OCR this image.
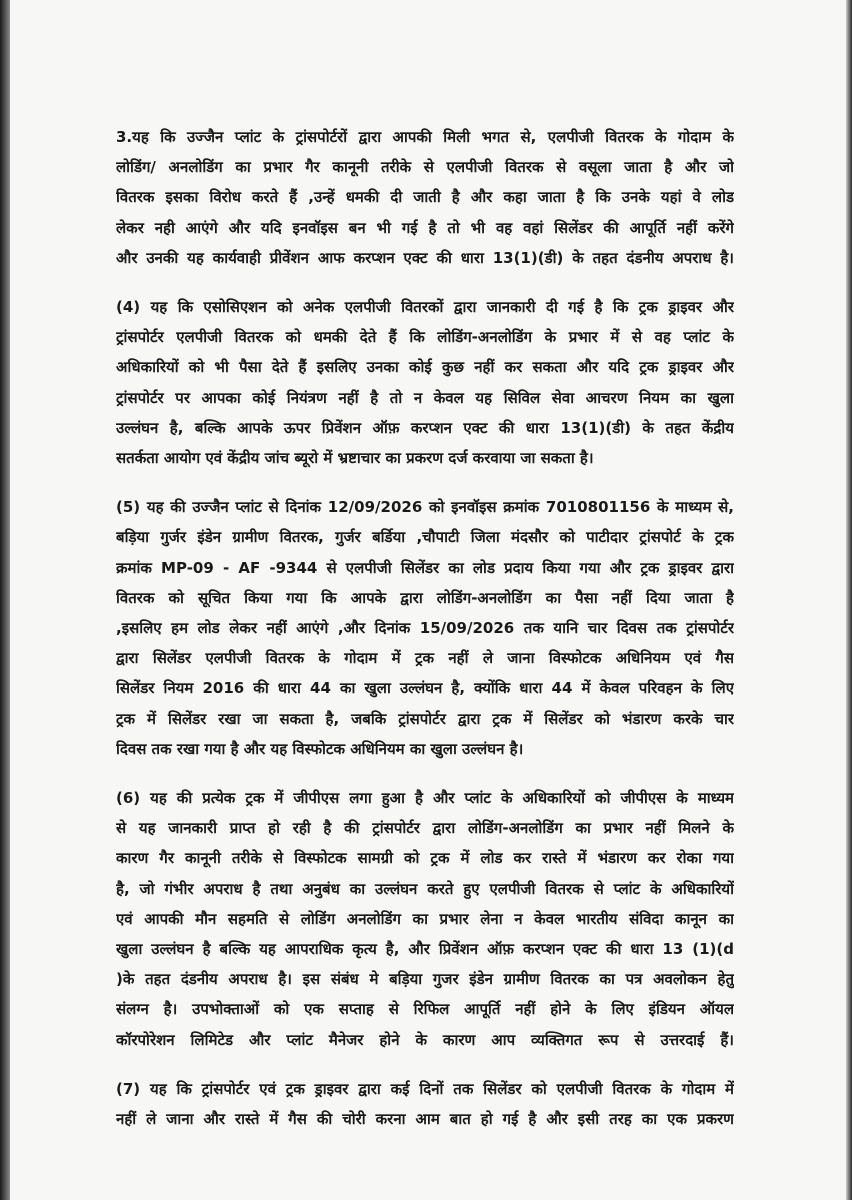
3.यह कि उज्जैन प्लांट के ट्रांसपोर्टरों द्वारा आपकी मिली भगत से, एलपीजी वितरक के गोदाम के
लोडिंग/ अनलोडिंग का प्रभार गैर कानूनी तरीके से एलपीजी वितरक से वसूला जाता है और जो
वितरक इसका विरोध करते हैं ,उन्हें धमकी दी जाती है और कहा जाता है कि उनके यहां वे लोड
लेकर नही आएंगे और यदि इनवॉइस बन भी गई है तो भी वह वहां सिलेंडर की आपूर्ति नहीं करेंगे
और उनकी यह कार्यवाही प्रीवेंशन आफ करप्शन एक्ट की धारा 13(1)(डी) के तहत दंडनीय अपराध है।
(4) यह कि एसोसिएशन को अनेक एलपीजी वितरकों द्वारा जानकारी दी गई है कि ट्रक ड्राइवर और
ट्रांसपोर्टर एलपीजी वितरक को धमकी देते हैं कि लोडिंग-अनलोडिंग के प्रभार में से वह प्लांट के
अधिकारियों को भी पैसा देते हैं इसलिए उनका कोई कुछ नहीं कर सकता और यदि ट्रक ड्राइवर और
ट्रांसपोर्टर पर आपका कोई नियंत्रण नहीं है तो न केवल यह सिविल सेवा आचरण नियम का खुला
उल्लंघन है, बल्कि आपके ऊपर प्रिवेंशन ऑफ़ करप्शन एक्ट की धारा 13(1)(डी) के तहत केंद्रीय
सतर्कता आयोग एवं केंद्रीय जांच ब्यूरो में भ्रष्टाचार का प्रकरण दर्ज करवाया जा सकता है।
(5) यह की उज्जैन प्लांट से दिनांक 12/09/2026 को इनवॉइस क्रमांक 7010801156 के माध्यम से,
बड़िया गुर्जर इंडेन ग्रामीण वितरक, गुर्जर बर्डिया ,चौपाटी जिला मंदसौर को पाटीदार ट्रांसपोर्ट के ट्रक
क्रमांक MP-09 - AF -9344 से एलपीजी सिलेंडर का लोड प्रदाय किया गया और ट्रक ड्राइवर द्वारा
वितरक को सूचित किया गया कि आपके द्वारा लोडिंग-अनलोडिंग का पैसा नहीं दिया जाता है
,इसलिए हम लोड लेकर नहीं आएंगे ,और दिनांक 15/09/2026 तक यानि चार दिवस तक ट्रांसपोर्टर
द्वारा सिलेंडर एलपीजी वितरक के गोदाम में ट्रक नहीं ले जाना विस्फोटक अधिनियम एवं गैस
सिलेंडर नियम 2016 की धारा 44 का खुला उल्लंघन है, क्योंकि धारा 44 में केवल परिवहन के लिए
ट्रक में सिलेंडर रखा जा सकता है, जबकि ट्रांसपोर्टर द्वारा ट्रक में सिलेंडर को भंडारण करके चार
दिवस तक रखा गया है और यह विस्फोटक अधिनियम का खुला उल्लंघन है।
(6) यह की प्रत्येक ट्रक में जीपीएस लगा हुआ है और प्लांट के अधिकारियों को जीपीएस के माध्यम
से यह जानकारी प्राप्त हो रही है की ट्रांसपोर्टर द्वारा लोडिंग-अनलोडिंग का प्रभार नहीं मिलने के
कारण गैर कानूनी तरीके से विस्फोटक सामग्री को ट्रक में लोड कर रास्ते में भंडारण कर रोका गया
है, जो गंभीर अपराध है तथा अनुबंध का उल्लंघन करते हुए एलपीजी वितरक से प्लांट के अधिकारियों
एवं आपकी मौन सहमति से लोडिंग अनलोडिंग का प्रभार लेना न केवल भारतीय संविदा कानून का
खुला उल्लंघन है बल्कि यह आपराधिक कृत्य है, और प्रिवेंशन ऑफ़ करप्शन एक्ट की धारा 13 (1)(d
)के तहत दंडनीय अपराध है। इस संबंध मे बड़िया गुजर इंडेन ग्रामीण वितरक का पत्र अवलोकन हेतु
संलग्न है। उपभोक्ताओं को एक सप्ताह से रिफिल आपूर्ति नहीं होने के लिए इंडियन ऑयल
कॉरपोरेशन लिमिटेड और प्लांट मैनेजर होने के कारण आप व्यक्तिगत रूप से उत्तरदाई हैं।
(7) यह कि ट्रांसपोर्टर एवं ट्रक ड्राइवर द्वारा कई दिनों तक सिलेंडर को एलपीजी वितरक के गोदाम में
नहीं ले जाना और रास्ते में गैस की चोरी करना आम बात हो गई है और इसी तरह का एक प्रकरण
